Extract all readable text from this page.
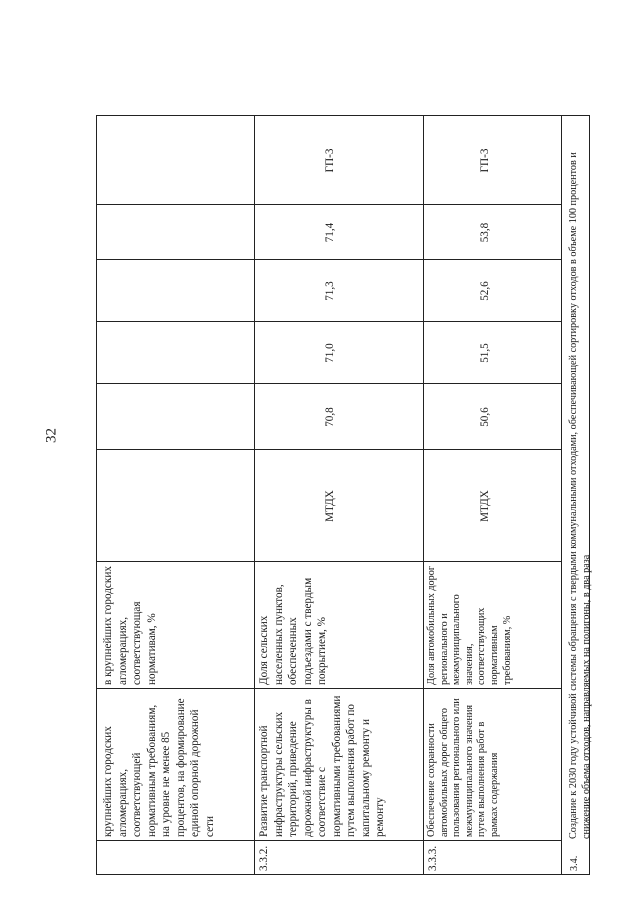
32
крупнейших городских агломерациях, соответствующей нормативным требованиям, на уровне не менее 85 процентов, на формирование единой опорной дорожной сети
в крупнейших городских агломерациях, соответствующая нормативам, %
3.3.2.
Развитие транспортной инфраструктуры сельских территорий, приведение дорожной инфраструктуры в соответствие с нормативными требованиями путем выполнения работ по капитальному ремонту и ремонту
Доля сельских населенных пунктов, обеспеченных подъездами с твердым покрытием, %
МТДХ
70,8
71,0
71,3
71,4
ГП-3
3.3.3.
Обеспечение сохранности автомобильных дорог общего пользования регионального или межмуниципального значения путем выполнения работ в рамках содержания
Доля автомобильных дорог регионального и межмуниципального значения, соответствующих нормативным требованиям, %
МТДХ
50,6
51,5
52,6
53,8
ГП-3
3.4.
Создание к 2030 году устойчивой системы обращения с твердыми коммунальными отходами, обеспечивающей сортировку отходов в объеме 100 процентов и снижение объема отходов, направляемых на полигоны, в два раза
